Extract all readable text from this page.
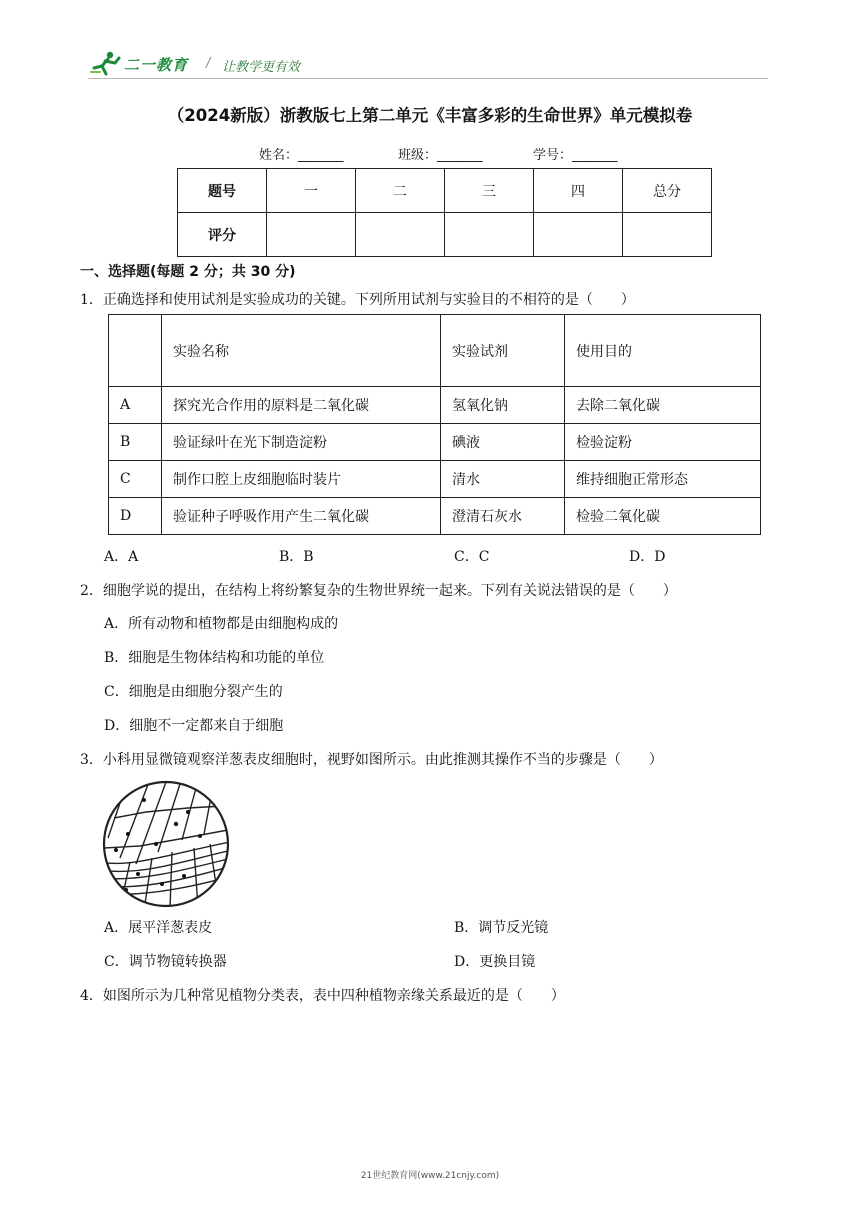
二一教育 / 让教学更有效
（2024新版）浙教版七上第二单元《丰富多彩的生命世界》单元模拟卷
姓名：_______	班级：_______	学号：_______
题号	一	二	三	四	总分
评分					
一、选择题(每题 2 分；共 30 分)
1．正确选择和使用试剂是实验成功的关键。下列所用试剂与实验目的不相符的是（　　）
	实验名称	实验试剂	使用目的
A	探究光合作用的原料是二氧化碳	氢氧化钠	去除二氧化碳
B	验证绿叶在光下制造淀粉	碘液	检验淀粉
C	制作口腔上皮细胞临时装片	清水	维持细胞正常形态
D	验证种子呼吸作用产生二氧化碳	澄清石灰水	检验二氧化碳
A．A	B．B	C．C	D．D
2．细胞学说的提出，在结构上将纷繁复杂的生物世界统一起来。下列有关说法错误的是（　　）
A．所有动物和植物都是由细胞构成的
B．细胞是生物体结构和功能的单位
C．细胞是由细胞分裂产生的
D．细胞不一定都来自于细胞
3．小科用显微镜观察洋葱表皮细胞时，视野如图所示。由此推测其操作不当的步骤是（　　）
A．展平洋葱表皮	B．调节反光镜
C．调节物镜转换器	D．更换目镜
4．如图所示为几种常见植物分类表，表中四种植物亲缘关系最近的是（　　）
21世纪教育网(www.21cnjy.com)
